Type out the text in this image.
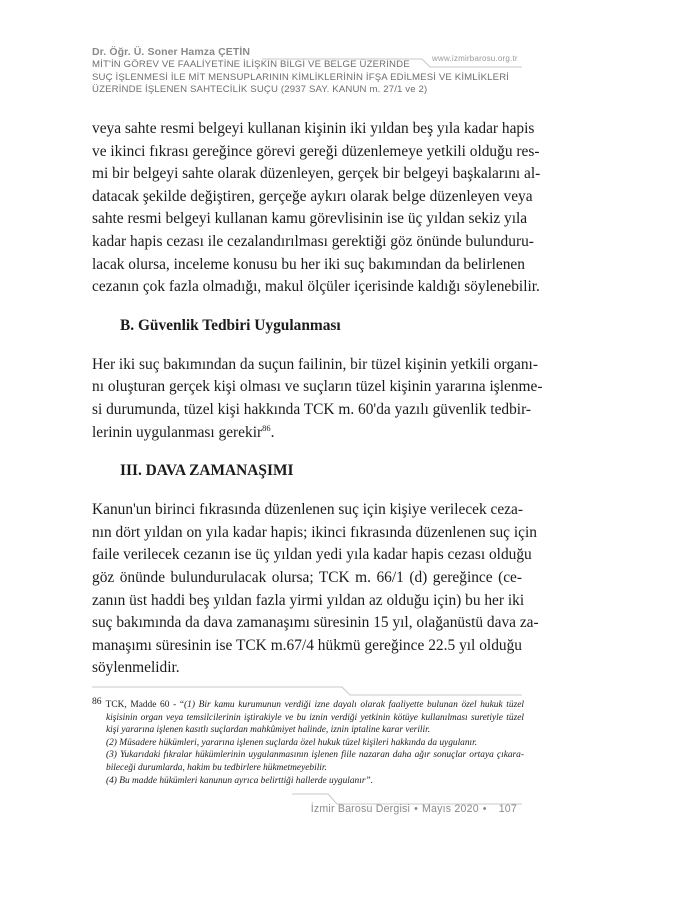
Dr. Öğr. Ü. Soner Hamza ÇETİN
MİT'İN GÖREV VE FAALİYETİNE İLİŞKİN BİLGİ VE BELGE ÜZERİNDE
SUÇ İŞLENMESİ İLE MİT MENSUPLARININ KİMLİKLERİNİN İFŞA EDİLMESİ VE KİMLİKLERİ
ÜZERİNDE İŞLENEN SAHTECİLİK SUÇU (2937 SAY. KANUN m. 27/1 ve 2)
www.izmirbarosu.org.tr

veya sahte resmi belgeyi kullanan kişinin iki yıldan beş yıla kadar hapis
ve ikinci fıkrası gereğince görevi gereği düzenlemeye yetkili olduğu res-
mi bir belgeyi sahte olarak düzenleyen, gerçek bir belgeyi başkalarını al-
datacak şekilde değiştiren, gerçeğe aykırı olarak belge düzenleyen veya
sahte resmi belgeyi kullanan kamu görevlisinin ise üç yıldan sekiz yıla
kadar hapis cezası ile cezalandırılması gerektiği göz önünde bulunduru-
lacak olursa, inceleme konusu bu her iki suç bakımından da belirlenen
cezanın çok fazla olmadığı, makul ölçüler içerisinde kaldığı söylenebilir.

B. Güvenlik Tedbiri Uygulanması

Her iki suç bakımından da suçun failinin, bir tüzel kişinin yetkili organı-
nı oluşturan gerçek kişi olması ve suçların tüzel kişinin yararına işlenme-
si durumunda, tüzel kişi hakkında TCK m. 60'da yazılı güvenlik tedbir-
lerinin uygulanması gerekir$^{86}$.

III. DAVA ZAMANAŞIMI

Kanun'un birinci fıkrasında düzenlenen suç için kişiye verilecek ceza-
nın dört yıldan on yıla kadar hapis; ikinci fıkrasında düzenlenen suç için
faile verilecek cezanın ise üç yıldan yedi yıla kadar hapis cezası olduğu
göz önünde bulundurulacak olursa; TCK m. 66/1 (d) gereğince (ce-
zanın üst haddi beş yıldan fazla yirmi yıldan az olduğu için) bu her iki
suç bakımında da dava zamanaşımı süresinin 15 yıl, olağanüstü dava za-
manaşımı süresinin ise TCK m.67/4 hükmü gereğince 22.5 yıl olduğu
söylenmelidir.

86 TCK, Madde 60 - “(1) Bir kamu kurumunun verdiği izne dayalı olarak faaliyette bulunan özel hukuk tüzel
kişisinin organ veya temsilcilerinin iştirakiyle ve bu iznin verdiği yetkinin kötüye kullanılması suretiyle tüzel
kişi yararına işlenen kasıtlı suçlardan mahkûmiyet halinde, iznin iptaline karar verilir.
(2) Müsadere hükümleri, yararına işlenen suçlarda özel hukuk tüzel kişileri hakkında da uygulanır.
(3) Yukarıdaki fıkralar hükümlerinin uygulanmasının işlenen fiile nazaran daha ağır sonuçlar ortaya çıkara-
bileceği durumlarda, hakim bu tedbirlere hükmetmeyebilir.
(4) Bu madde hükümleri kanunun ayrıca belirttiği hallerde uygulanır”.
İzmir Barosu Dergisi • Mayıs 2020 • 107
